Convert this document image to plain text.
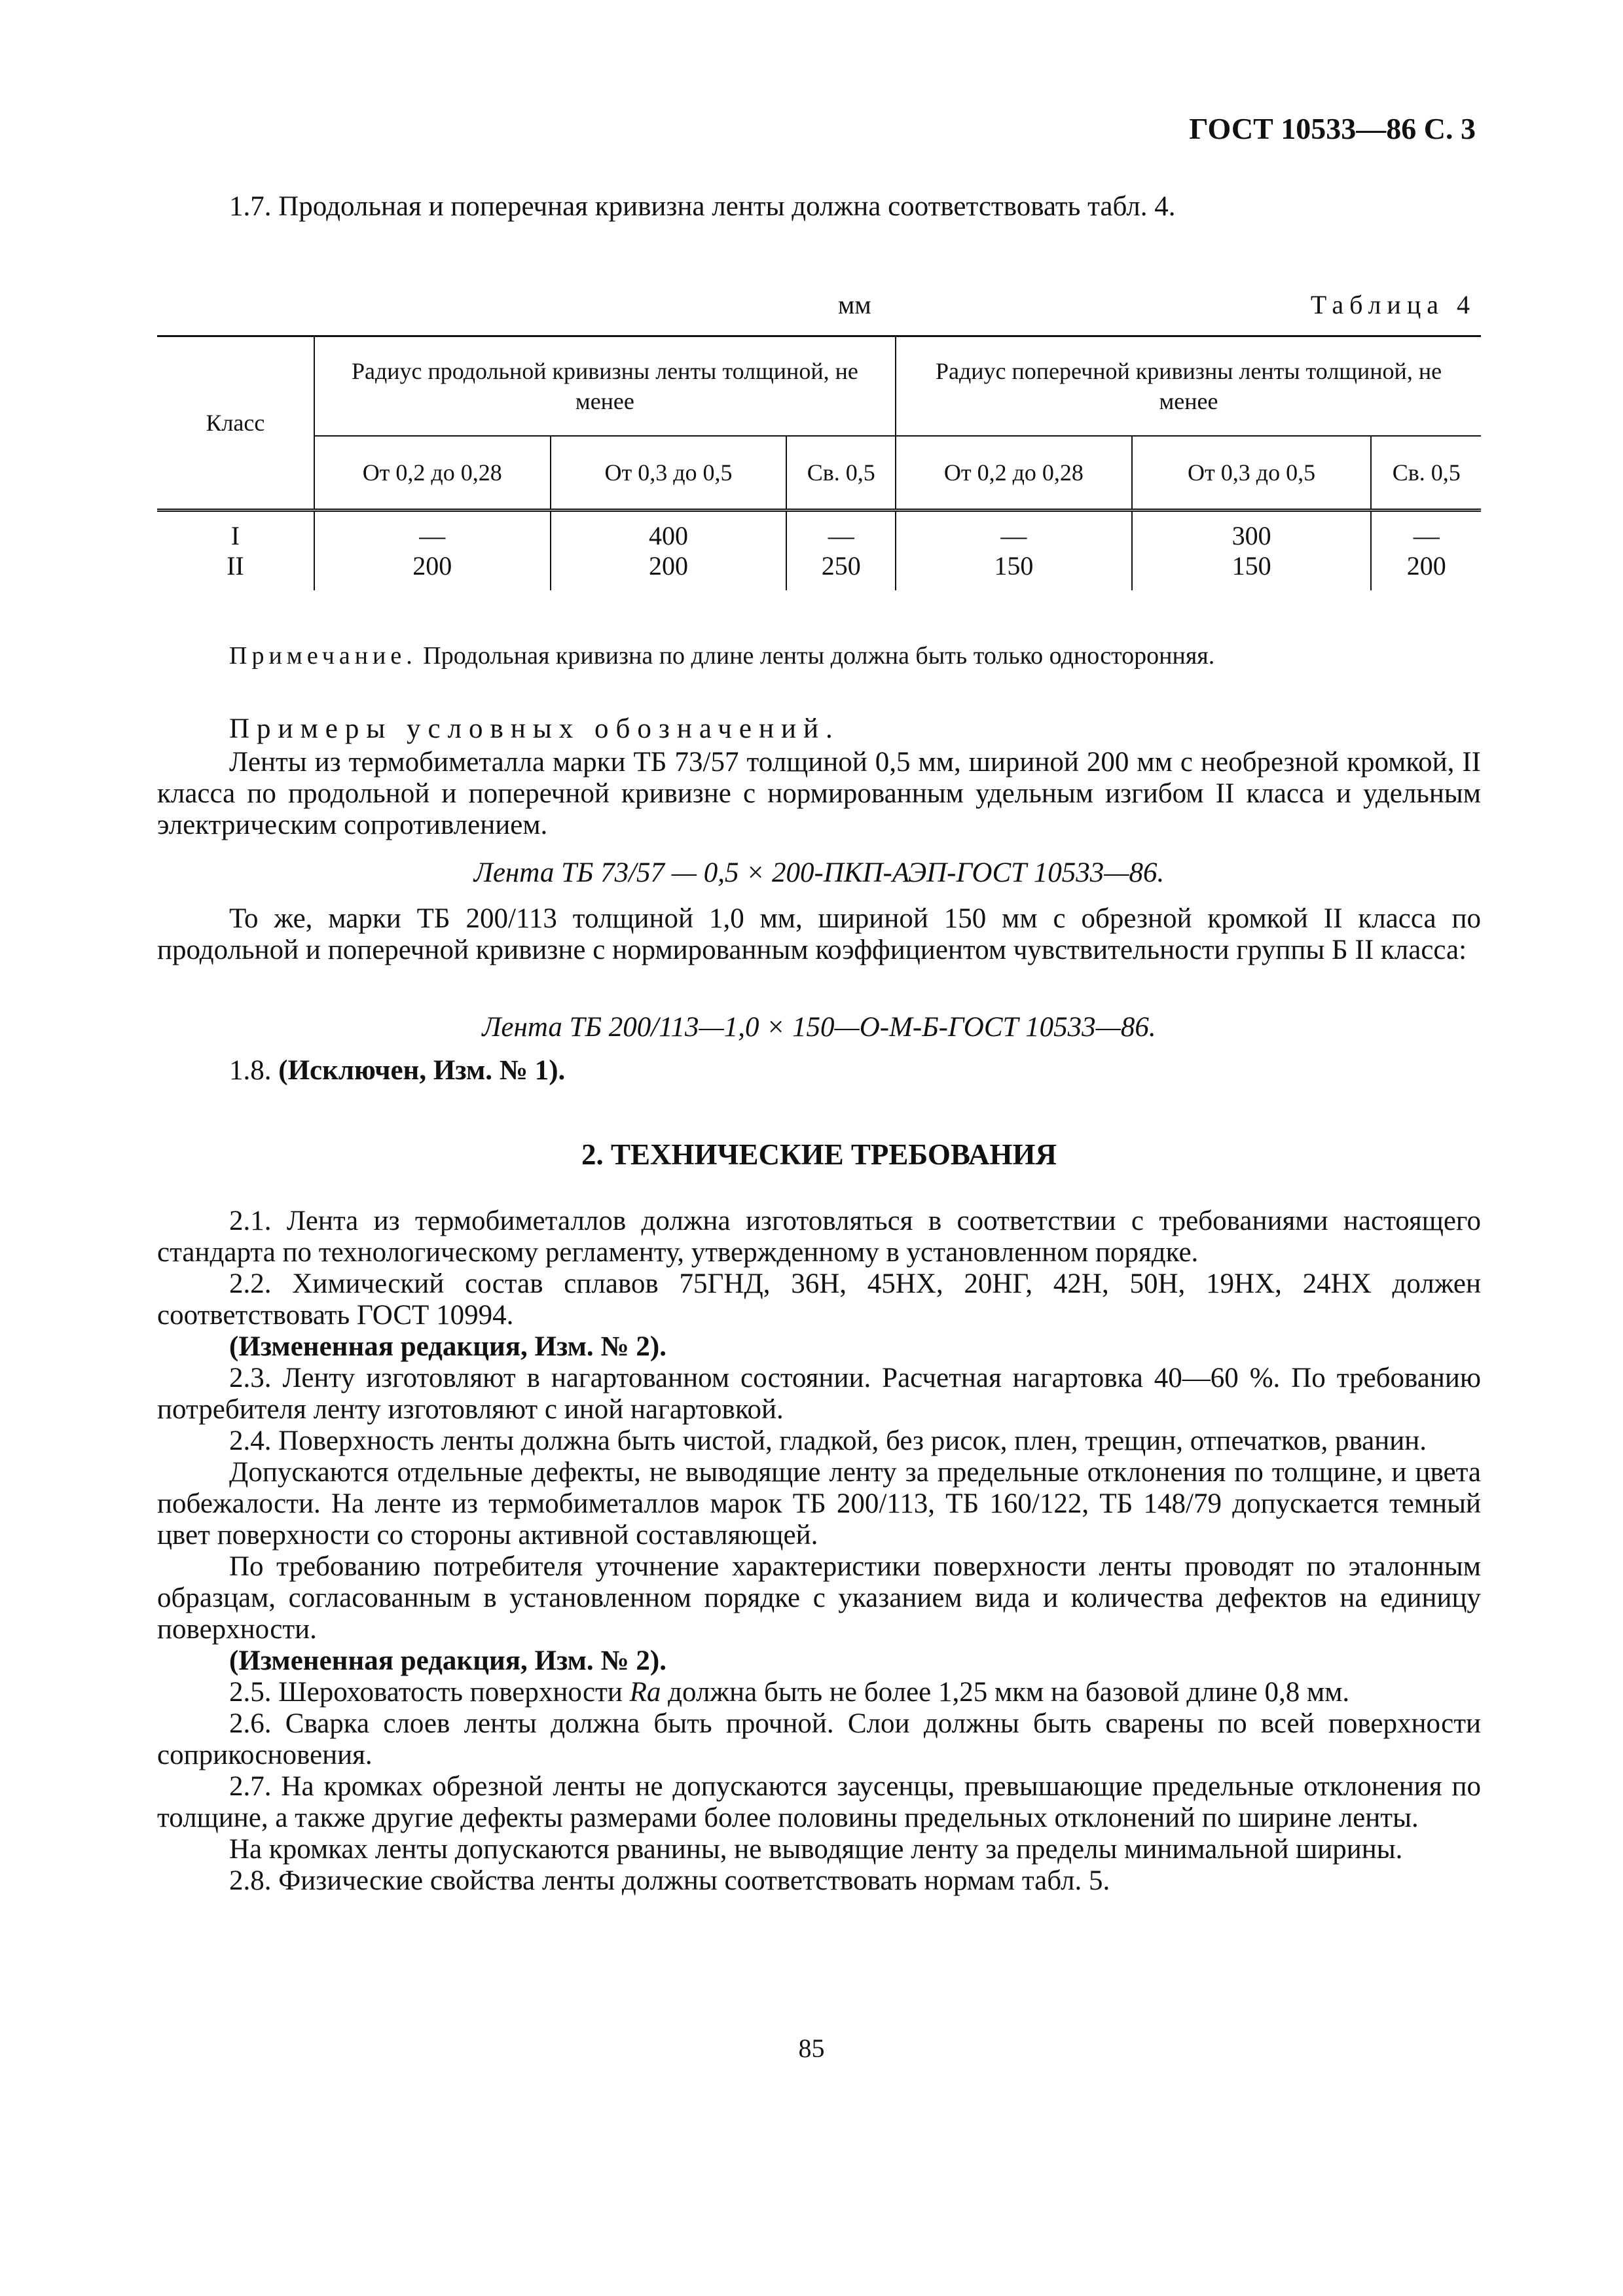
ГОСТ 10533—86 С. 3
1.7. Продольная и поперечная кривизна ленты должна соответствовать табл. 4.
мм	Таблица 4
Класс	Радиус продольной кривизны ленты толщиной, не менее			Радиус поперечной кривизны ленты толщиной, не менее		
	От 0,2 до 0,28	От 0,3 до 0,5	Св. 0,5	От 0,2 до 0,28	От 0,3 до 0,5	Св. 0,5
I	—	400	—	—	300	—
II	200	200	250	150	150	200
Примечание. Продольная кривизна по длине ленты должна быть только односторонняя.
Примеры условных обозначений.
Ленты из термобиметалла марки ТБ 73/57 толщиной 0,5 мм, шириной 200 мм с необрезной кромкой, II класса по продольной и поперечной кривизне с нормированным удельным изгибом II класса и удельным электрическим сопротивлением.
Лента ТБ 73/57 — 0,5 × 200-ПКП-АЭП-ГОСТ 10533—86.
То же, марки ТБ 200/113 толщиной 1,0 мм, шириной 150 мм с обрезной кромкой II класса по продольной и поперечной кривизне с нормированным коэффициентом чувствительности группы Б II класса:
Лента ТБ 200/113—1,0 × 150—О-М-Б-ГОСТ 10533—86.
1.8. (Исключен, Изм. № 1).
2. ТЕХНИЧЕСКИЕ ТРЕБОВАНИЯ
2.1. Лента из термобиметаллов должна изготовляться в соответствии с требованиями настоящего стандарта по технологическому регламенту, утвержденному в установленном порядке.
2.2. Химический состав сплавов 75ГНД, 36Н, 45НХ, 20НГ, 42Н, 50Н, 19НХ, 24НХ должен соответствовать ГОСТ 10994.
(Измененная редакция, Изм. № 2).
2.3. Ленту изготовляют в нагартованном состоянии. Расчетная нагартовка 40—60 %. По требованию потребителя ленту изготовляют с иной нагартовкой.
2.4. Поверхность ленты должна быть чистой, гладкой, без рисок, плен, трещин, отпечатков, рванин.
Допускаются отдельные дефекты, не выводящие ленту за предельные отклонения по толщине, и цвета побежалости. На ленте из термобиметаллов марок ТБ 200/113, ТБ 160/122, ТБ 148/79 допускается темный цвет поверхности со стороны активной составляющей.
По требованию потребителя уточнение характеристики поверхности ленты проводят по эталонным образцам, согласованным в установленном порядке с указанием вида и количества дефектов на единицу поверхности.
(Измененная редакция, Изм. № 2).
2.5. Шероховатость поверхности Ra должна быть не более 1,25 мкм на базовой длине 0,8 мм.
2.6. Сварка слоев ленты должна быть прочной. Слои должны быть сварены по всей поверхности соприкосновения.
2.7. На кромках обрезной ленты не допускаются заусенцы, превышающие предельные отклонения по толщине, а также другие дефекты размерами более половины предельных отклонений по ширине ленты.
На кромках ленты допускаются рванины, не выводящие ленту за пределы минимальной ширины.
2.8. Физические свойства ленты должны соответствовать нормам табл. 5.
85
